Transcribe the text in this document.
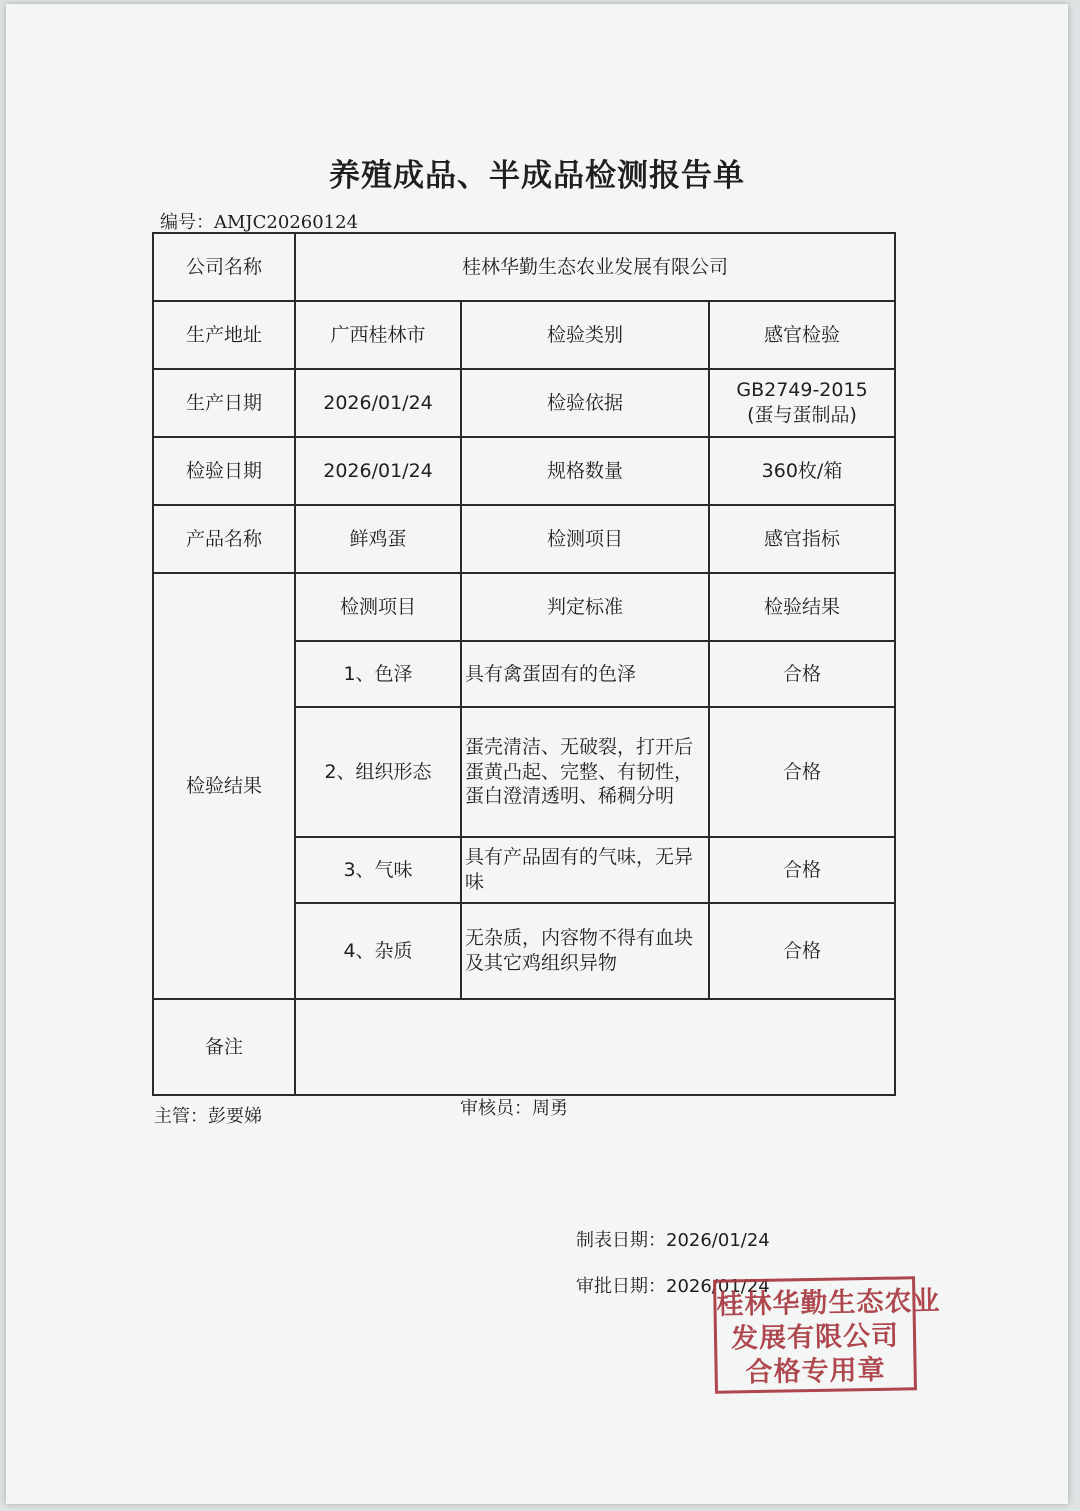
养殖成品、半成品检测报告单
编号：AMJC20260124
公司名称	桂林华勤生态农业发展有限公司		
生产地址	广西桂林市	检验类别	感官检验
生产日期	2026/01/24	检验依据	GB2749-2015
(蛋与蛋制品)

检验日期	2026/01/24	规格数量	360枚/箱
产品名称	鲜鸡蛋	检测项目	感官指标
检验结果	检测项目	判定标准	检验结果
	1、色泽	具有禽蛋固有的色泽	合格
	2、组织形态	蛋壳清洁、无破裂，打开后蛋黄凸起、完整、有韧性，蛋白澄清透明、稀稠分明	合格
	3、气味	具有产品固有的气味，无异味	合格
	4、杂质	无杂质，内容物不得有血块及其它鸡组织异物	合格
备注			
主管：彭要娣	审核员：周勇
制表日期：2026/01/24
审批日期：2026/01/24
桂林华勤生态农业
发展有限公司
合格专用章
